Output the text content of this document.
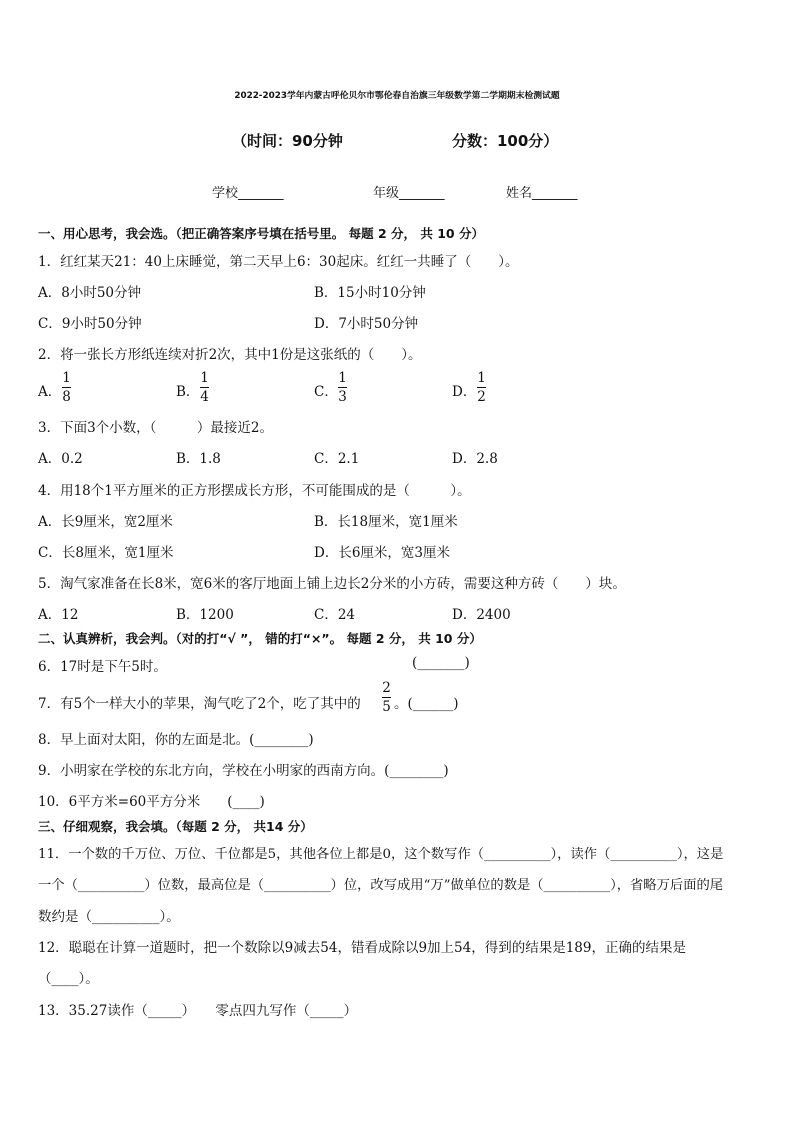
2022-2023学年内蒙古呼伦贝尔市鄂伦春自治旗三年级数学第二学期期末检测试题
（时间：90分钟	分数：100分）
学校_______	年级_______	姓名_______
一、用心思考，我会选。（把正确答案序号填在括号里。 每题 2 分， 共 10 分）
1．红红某天21：40上床睡觉，第二天早上6：30起床。红红一共睡了（　　）。
A．8小时50分钟	B．15小时10分钟
C．9小时50分钟	D．7小时50分钟
2．将一张长方形纸连续对折2次，其中1份是这张纸的（　　）。
A．
1
8	B．
1
4	C．
1
3	D．
1
2
3．下面3个小数，（　　　）最接近2。
A．0.2	B．1.8	C．2.1	D．2.8
4．用18个1平方厘米的正方形摆成长方形，不可能围成的是（　　　）。
A．长9厘米，宽2厘米	B．长18厘米，宽1厘米
C．长8厘米，宽1厘米	D．长6厘米，宽3厘米
5．淘气家准备在长8米，宽6米的客厅地面上铺上边长2分米的小方砖，需要这种方砖（　　）块。
A．12	B．1200	C．24	D．2400
二、认真辨析，我会判。（对的打“√ ”， 错的打“×”。 每题 2 分， 共 10 分）
6．17时是下午5时。	(_______)
7．有5个一样大小的苹果，淘气吃了2个，吃了其中的
2
5 。(______)
8．早上面对太阳，你的左面是北。(________)
9．小明家在学校的东北方向，学校在小明家的西南方向。(________)
10．6平方米=60平方分米　　(____)
三、仔细观察，我会填。（每题 2 分， 共14 分）
11．一个数的千万位、万位、千位都是5，其他各位上都是0，这个数写作（__________），读作（__________），这是
一个（__________）位数，最高位是（__________）位，改写成用“万”做单位的数是（__________），省略万后面的尾
数约是（__________）。
12．聪聪在计算一道题时，把一个数除以9减去54，错看成除以9加上54，得到的结果是189，正确的结果是
（____）。
13．35.27读作（_____）　　零点四九写作（_____）
